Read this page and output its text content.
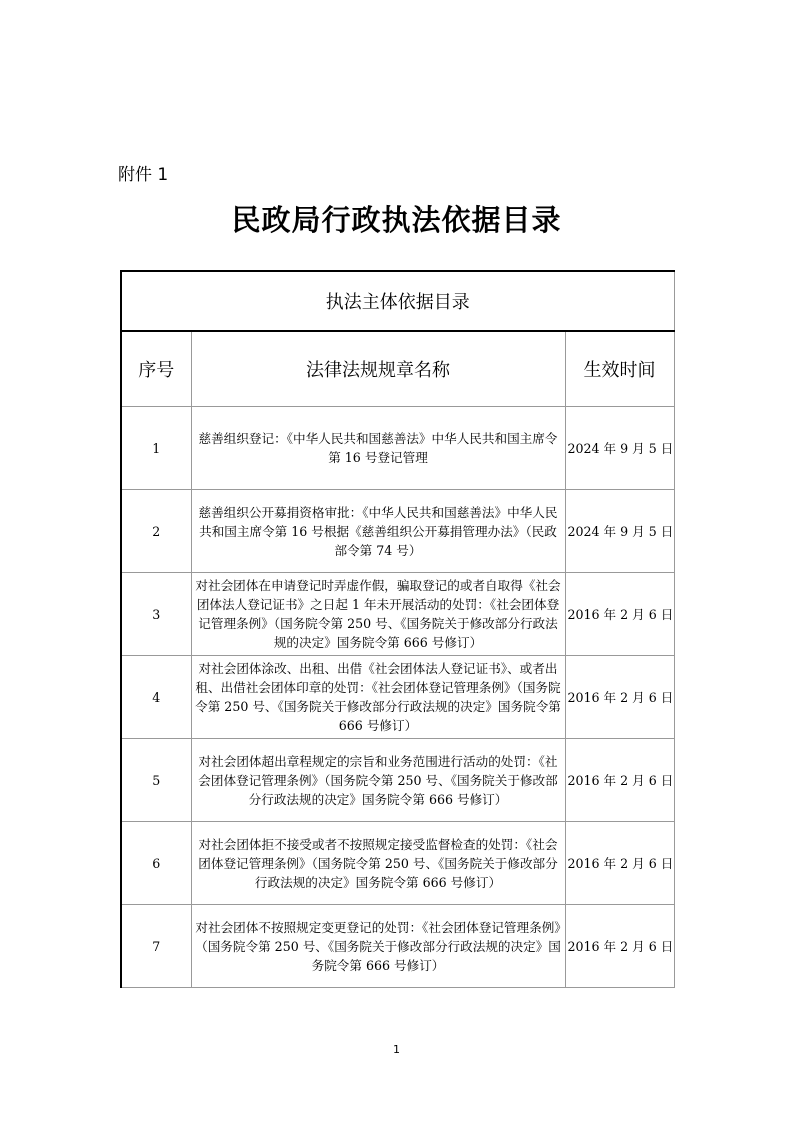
附件 1
民政局行政执法依据目录
执法主体依据目录		
序号	法律法规规章名称	生效时间
1	慈善组织登记：《中华人民共和国慈善法》中华人民共和国主席令第 16 号登记管理	2024 年 9 月 5 日
2	慈善组织公开募捐资格审批：《中华人民共和国慈善法》中华人民共和国主席令第 16 号根据《慈善组织公开募捐管理办法》（民政部令第 74 号）	2024 年 9 月 5 日
3	对社会团体在申请登记时弄虚作假，骗取登记的或者自取得《社会团体法人登记证书》之日起 1 年未开展活动的处罚：《社会团体登记管理条例》（国务院令第 250 号、《国务院关于修改部分行政法规的决定》国务院令第 666 号修订）	2016 年 2 月 6 日
4	对社会团体涂改、出租、出借《社会团体法人登记证书》、或者出租、出借社会团体印章的处罚：《社会团体登记管理条例》（国务院令第 250 号、《国务院关于修改部分行政法规的决定》国务院令第 666 号修订）	2016 年 2 月 6 日
5	对社会团体超出章程规定的宗旨和业务范围进行活动的处罚：《社会团体登记管理条例》（国务院令第 250 号、《国务院关于修改部分行政法规的决定》国务院令第 666 号修订）	2016 年 2 月 6 日
6	对社会团体拒不接受或者不按照规定接受监督检查的处罚：《社会团体登记管理条例》（国务院令第 250 号、《国务院关于修改部分行政法规的决定》国务院令第 666 号修订）	2016 年 2 月 6 日
7	对社会团体不按照规定变更登记的处罚：《社会团体登记管理条例》（国务院令第 250 号、《国务院关于修改部分行政法规的决定》国务院令第 666 号修订）	2016 年 2 月 6 日
1
